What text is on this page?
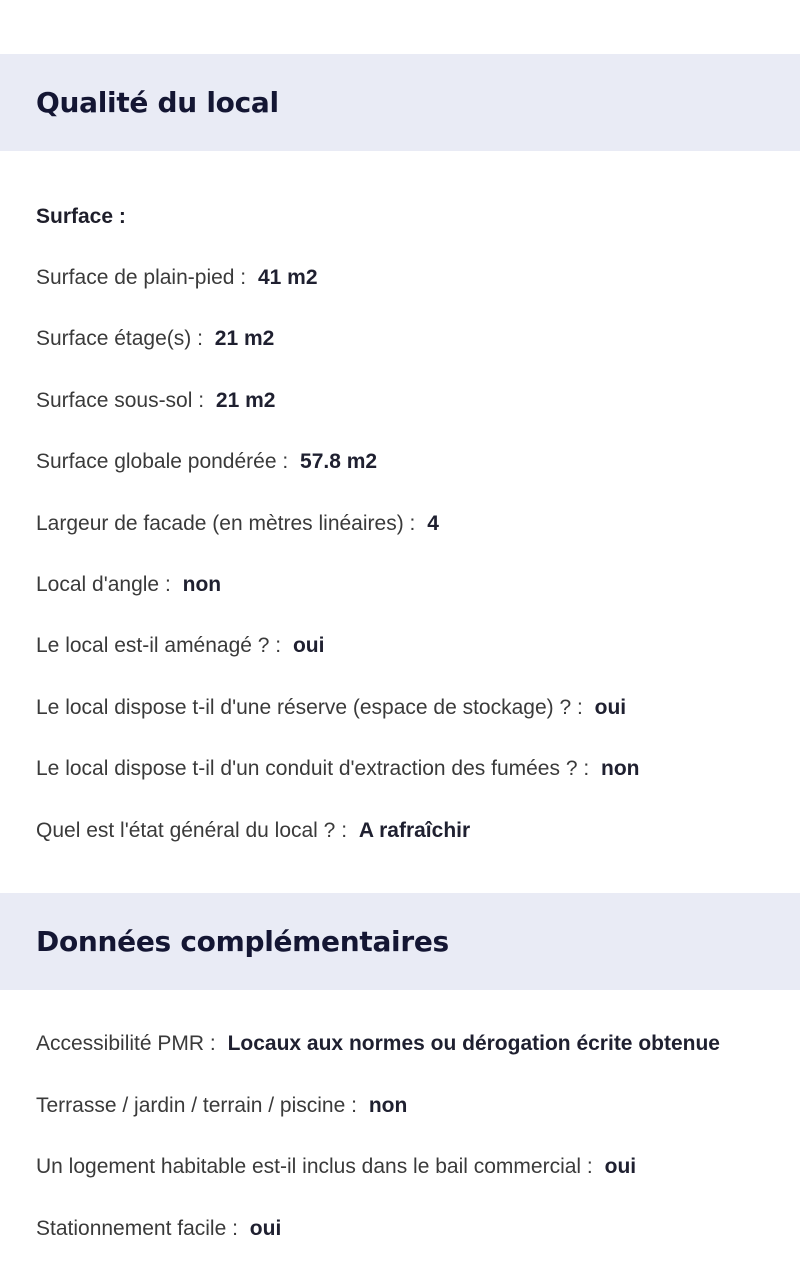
Qualité du local
Surface :
Surface de plain-pied : 41 m2
Surface étage(s) : 21 m2
Surface sous-sol : 21 m2
Surface globale pondérée : 57.8 m2
Largeur de facade (en mètres linéaires) : 4
Local d'angle : non
Le local est-il aménagé ? : oui
Le local dispose t-il d'une réserve (espace de stockage) ? : oui
Le local dispose t-il d'un conduit d'extraction des fumées ? : non
Quel est l'état général du local ? : A rafraîchir
Données complémentaires
Accessibilité PMR : Locaux aux normes ou dérogation écrite obtenue
Terrasse / jardin / terrain / piscine : non
Un logement habitable est-il inclus dans le bail commercial : oui
Stationnement facile : oui
